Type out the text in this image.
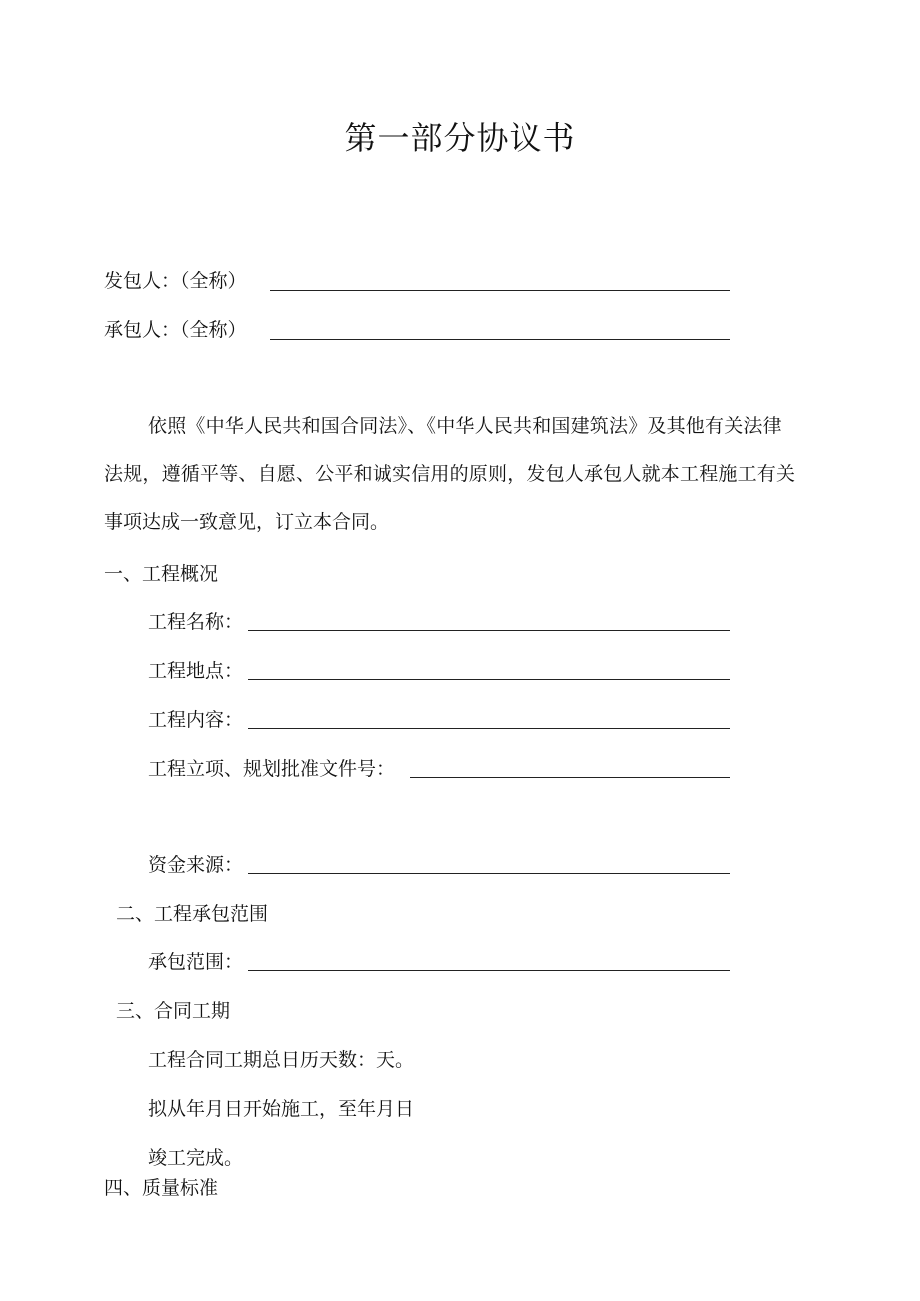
第一部分协议书
发包人：（全称）
承包人：（全称）

依照《中华人民共和国合同法》、《中华人民共和国建筑法》及其他有关法律

法规，遵循平等、自愿、公平和诚实信用的原则，发包人承包人就本工程施工有关

事项达成一致意见，订立本合同。

一、工程概况
工程名称：
工程地点：
工程内容：
工程立项、规划批准文件号：
资金来源：
二、工程承包范围
承包范围：
三、合同工期
工程合同工期总日历天数：天。
拟从年月日开始施工，至年月日
竣工完成。
四、质量标准
